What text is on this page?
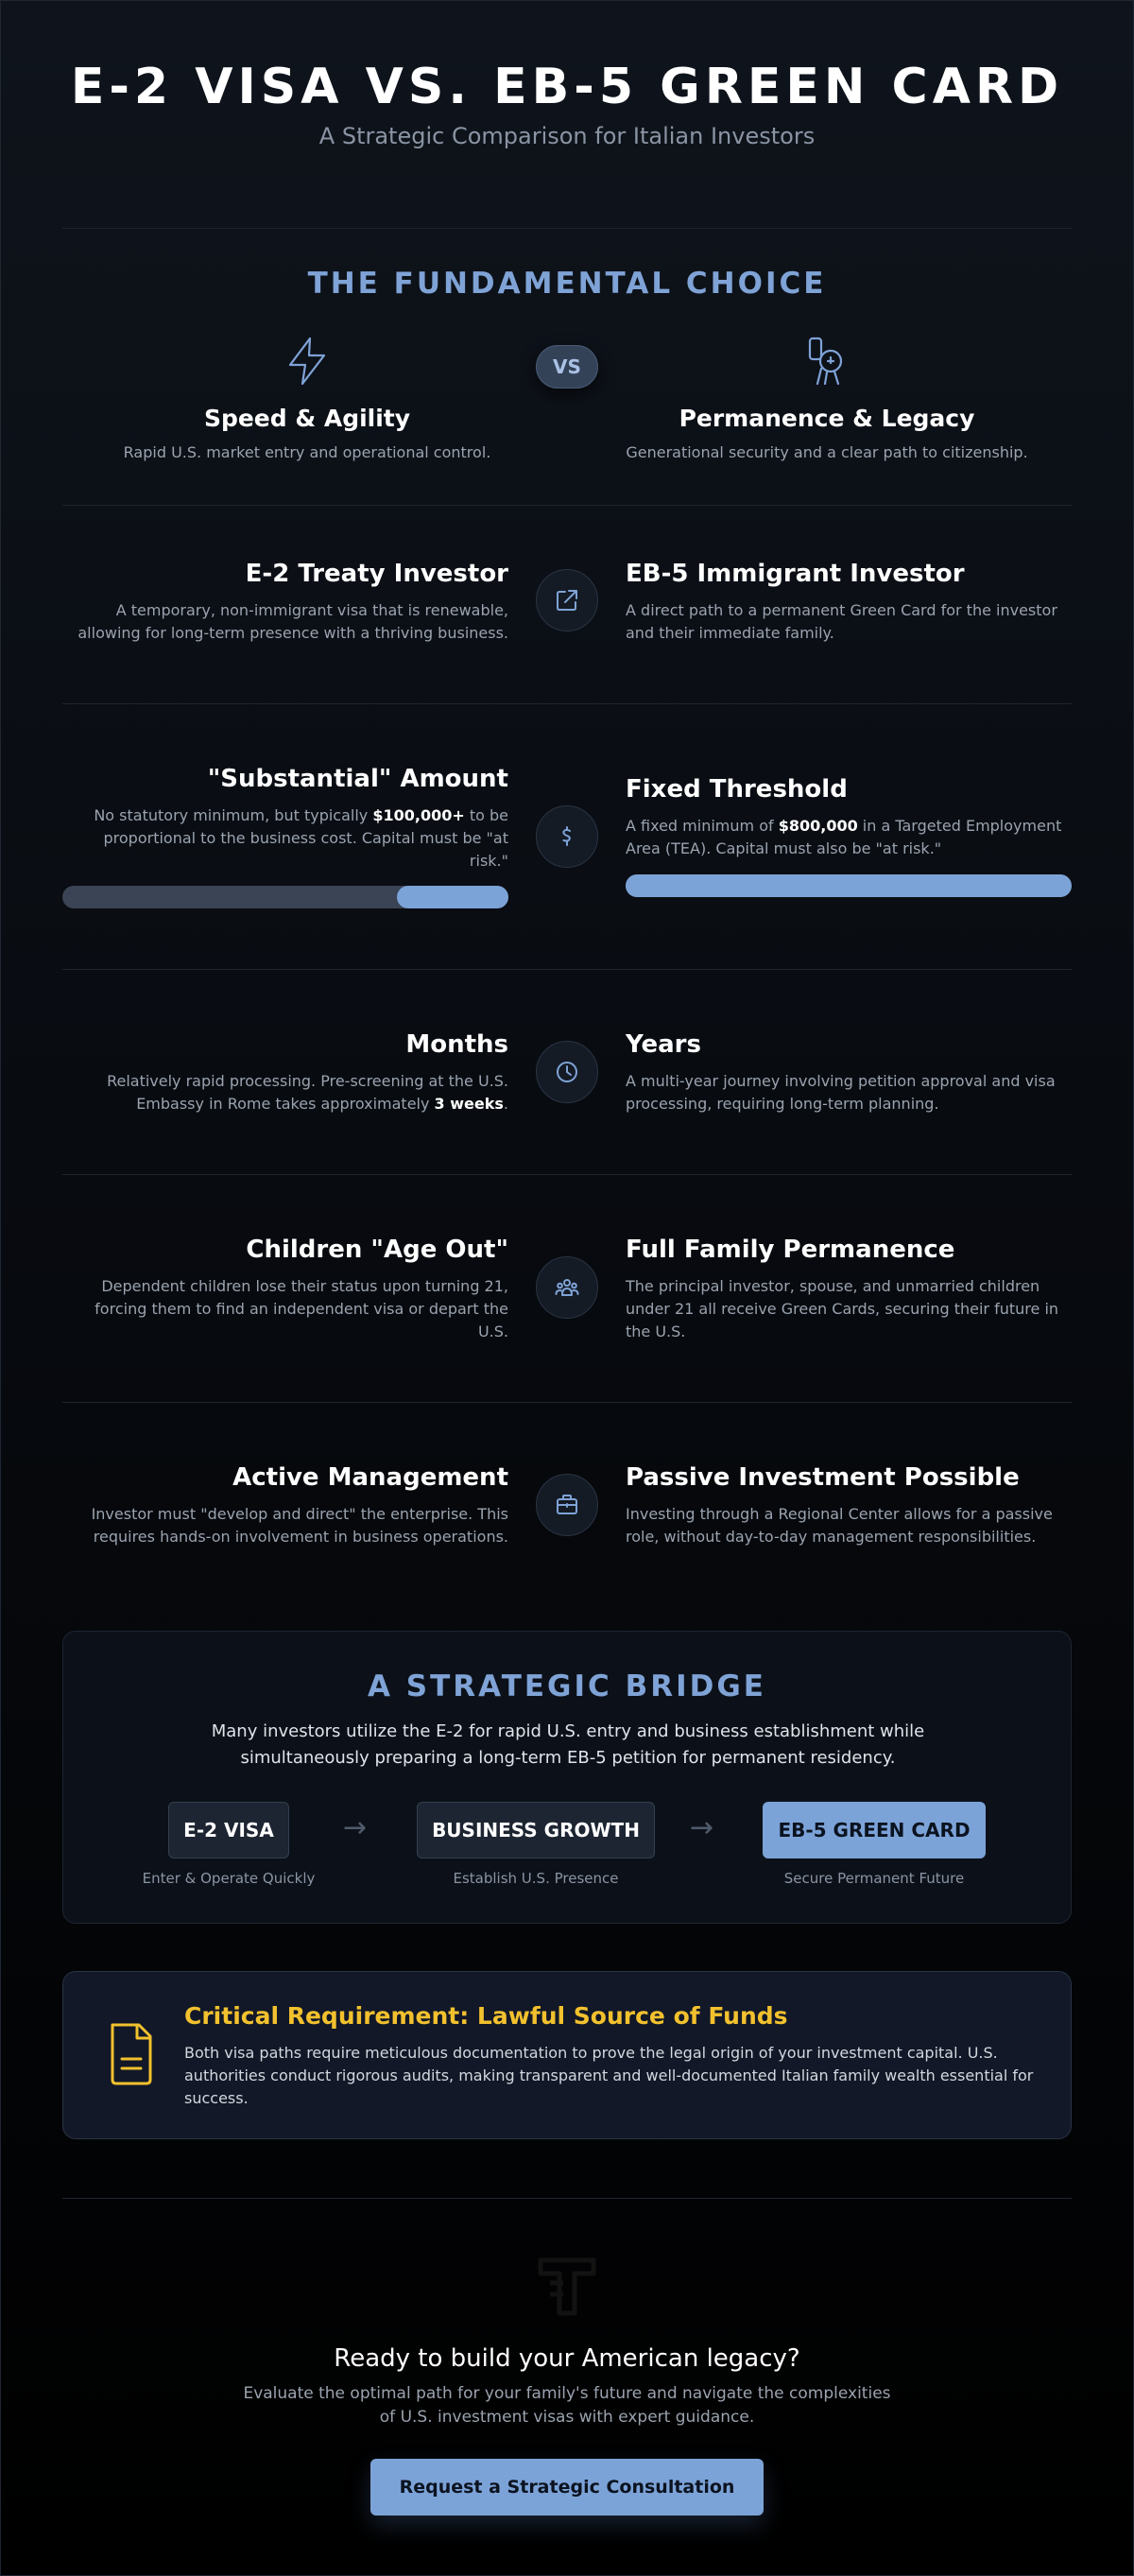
E-2 VISA VS. EB-5 GREEN CARD
A Strategic Comparison for Italian Investors
THE FUNDAMENTAL CHOICE
Speed & Agility
Rapid U.S. market entry and operational control.
VS
Permanence & Legacy
Generational security and a clear path to citizenship.
E-2 Treaty Investor
A temporary, non-immigrant visa that is renewable, allowing for long-term presence with a thriving business.
EB-5 Immigrant Investor
A direct path to a permanent Green Card for the investor and their immediate family.
"Substantial" Amount
No statutory minimum, but typically $100,000+ to be proportional to the business cost. Capital must be "at risk."
Fixed Threshold
A fixed minimum of $800,000 in a Targeted Employment Area (TEA). Capital must also be "at risk."
Months
Relatively rapid processing. Pre-screening at the U.S. Embassy in Rome takes approximately 3 weeks.
Years
A multi-year journey involving petition approval and visa processing, requiring long-term planning.
Children "Age Out"
Dependent children lose their status upon turning 21, forcing them to find an independent visa or depart the U.S.
Full Family Permanence
The principal investor, spouse, and unmarried children under 21 all receive Green Cards, securing their future in the U.S.
Active Management
Investor must "develop and direct" the enterprise. This requires hands-on involvement in business operations.
Passive Investment Possible
Investing through a Regional Center allows for a passive role, without day-to-day management responsibilities.
A STRATEGIC BRIDGE
Many investors utilize the E-2 for rapid U.S. entry and business establishment while simultaneously preparing a long-term EB-5 petition for permanent residency.
E-2 VISA
Enter & Operate Quickly
→	BUSINESS GROWTH
Establish U.S. Presence
→	EB-5 GREEN CARD
Secure Permanent Future
Critical Requirement: Lawful Source of Funds
Both visa paths require meticulous documentation to prove the legal origin of your investment capital. U.S. authorities conduct rigorous audits, making transparent and well-documented Italian family wealth essential for success.
Ready to build your American legacy?
Evaluate the optimal path for your family's future and navigate the complexities of U.S. investment visas with expert guidance.
Request a Strategic Consultation
